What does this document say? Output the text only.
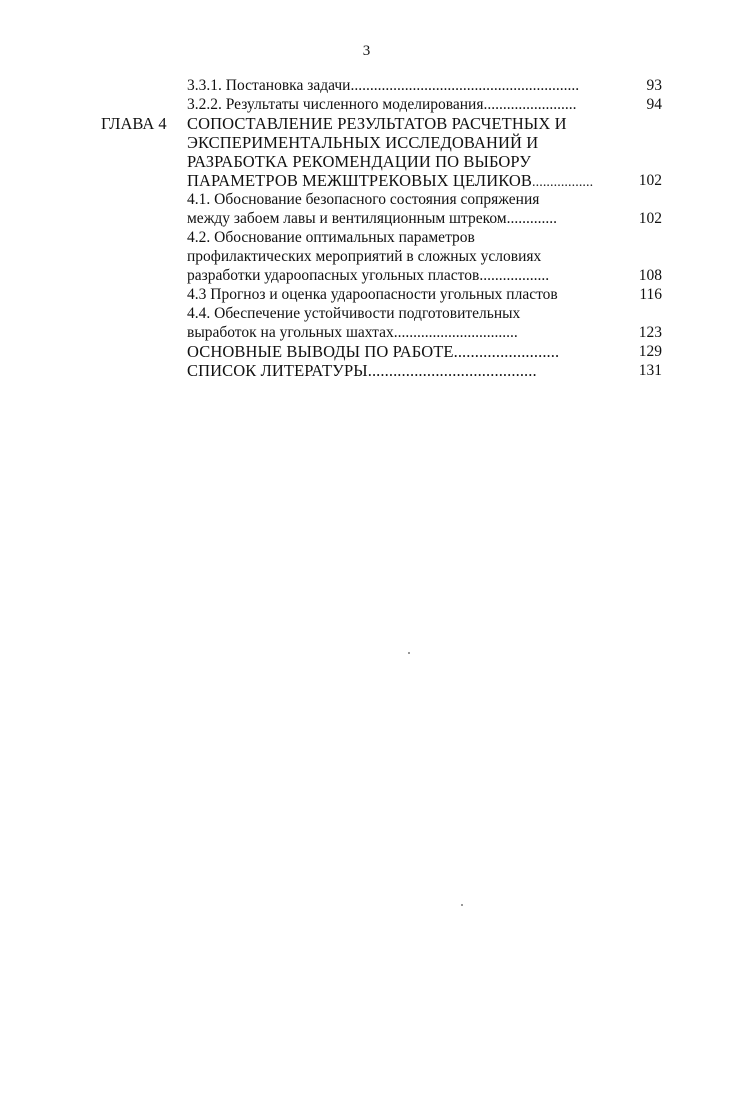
3
3.3.1. Постановка задачи...........................................................	93
3.2.2. Результаты численного моделирования........................	94
ГЛАВА 4 СОПОСТАВЛЕНИЕ РЕЗУЛЬТАТОВ РАСЧЕТНЫХ И
ЭКСПЕРИМЕНТАЛЬНЫХ ИССЛЕДОВАНИЙ И
РАЗРАБОТКА РЕКОМЕНДАЦИИ ПО ВЫБОРУ
ПАРАМЕТРОВ МЕЖШТРЕКОВЫХ ЦЕЛИКОВ.................	102
4.1. Обоснование безопасного состояния сопряжения
между забоем лавы и вентиляционным штреком.............	102
4.2. Обоснование оптимальных параметров
профилактических мероприятий в сложных условиях
разработки удароопасных угольных пластов..................	108
4.3 Прогноз и оценка удароопасности угольных пластов	116
4.4. Обеспечение устойчивости подготовительных
выработок на угольных шахтах................................	123
ОСНОВНЫЕ ВЫВОДЫ ПО РАБОТЕ.........................	129
СПИСОК ЛИТЕРАТУРЫ........................................	131
